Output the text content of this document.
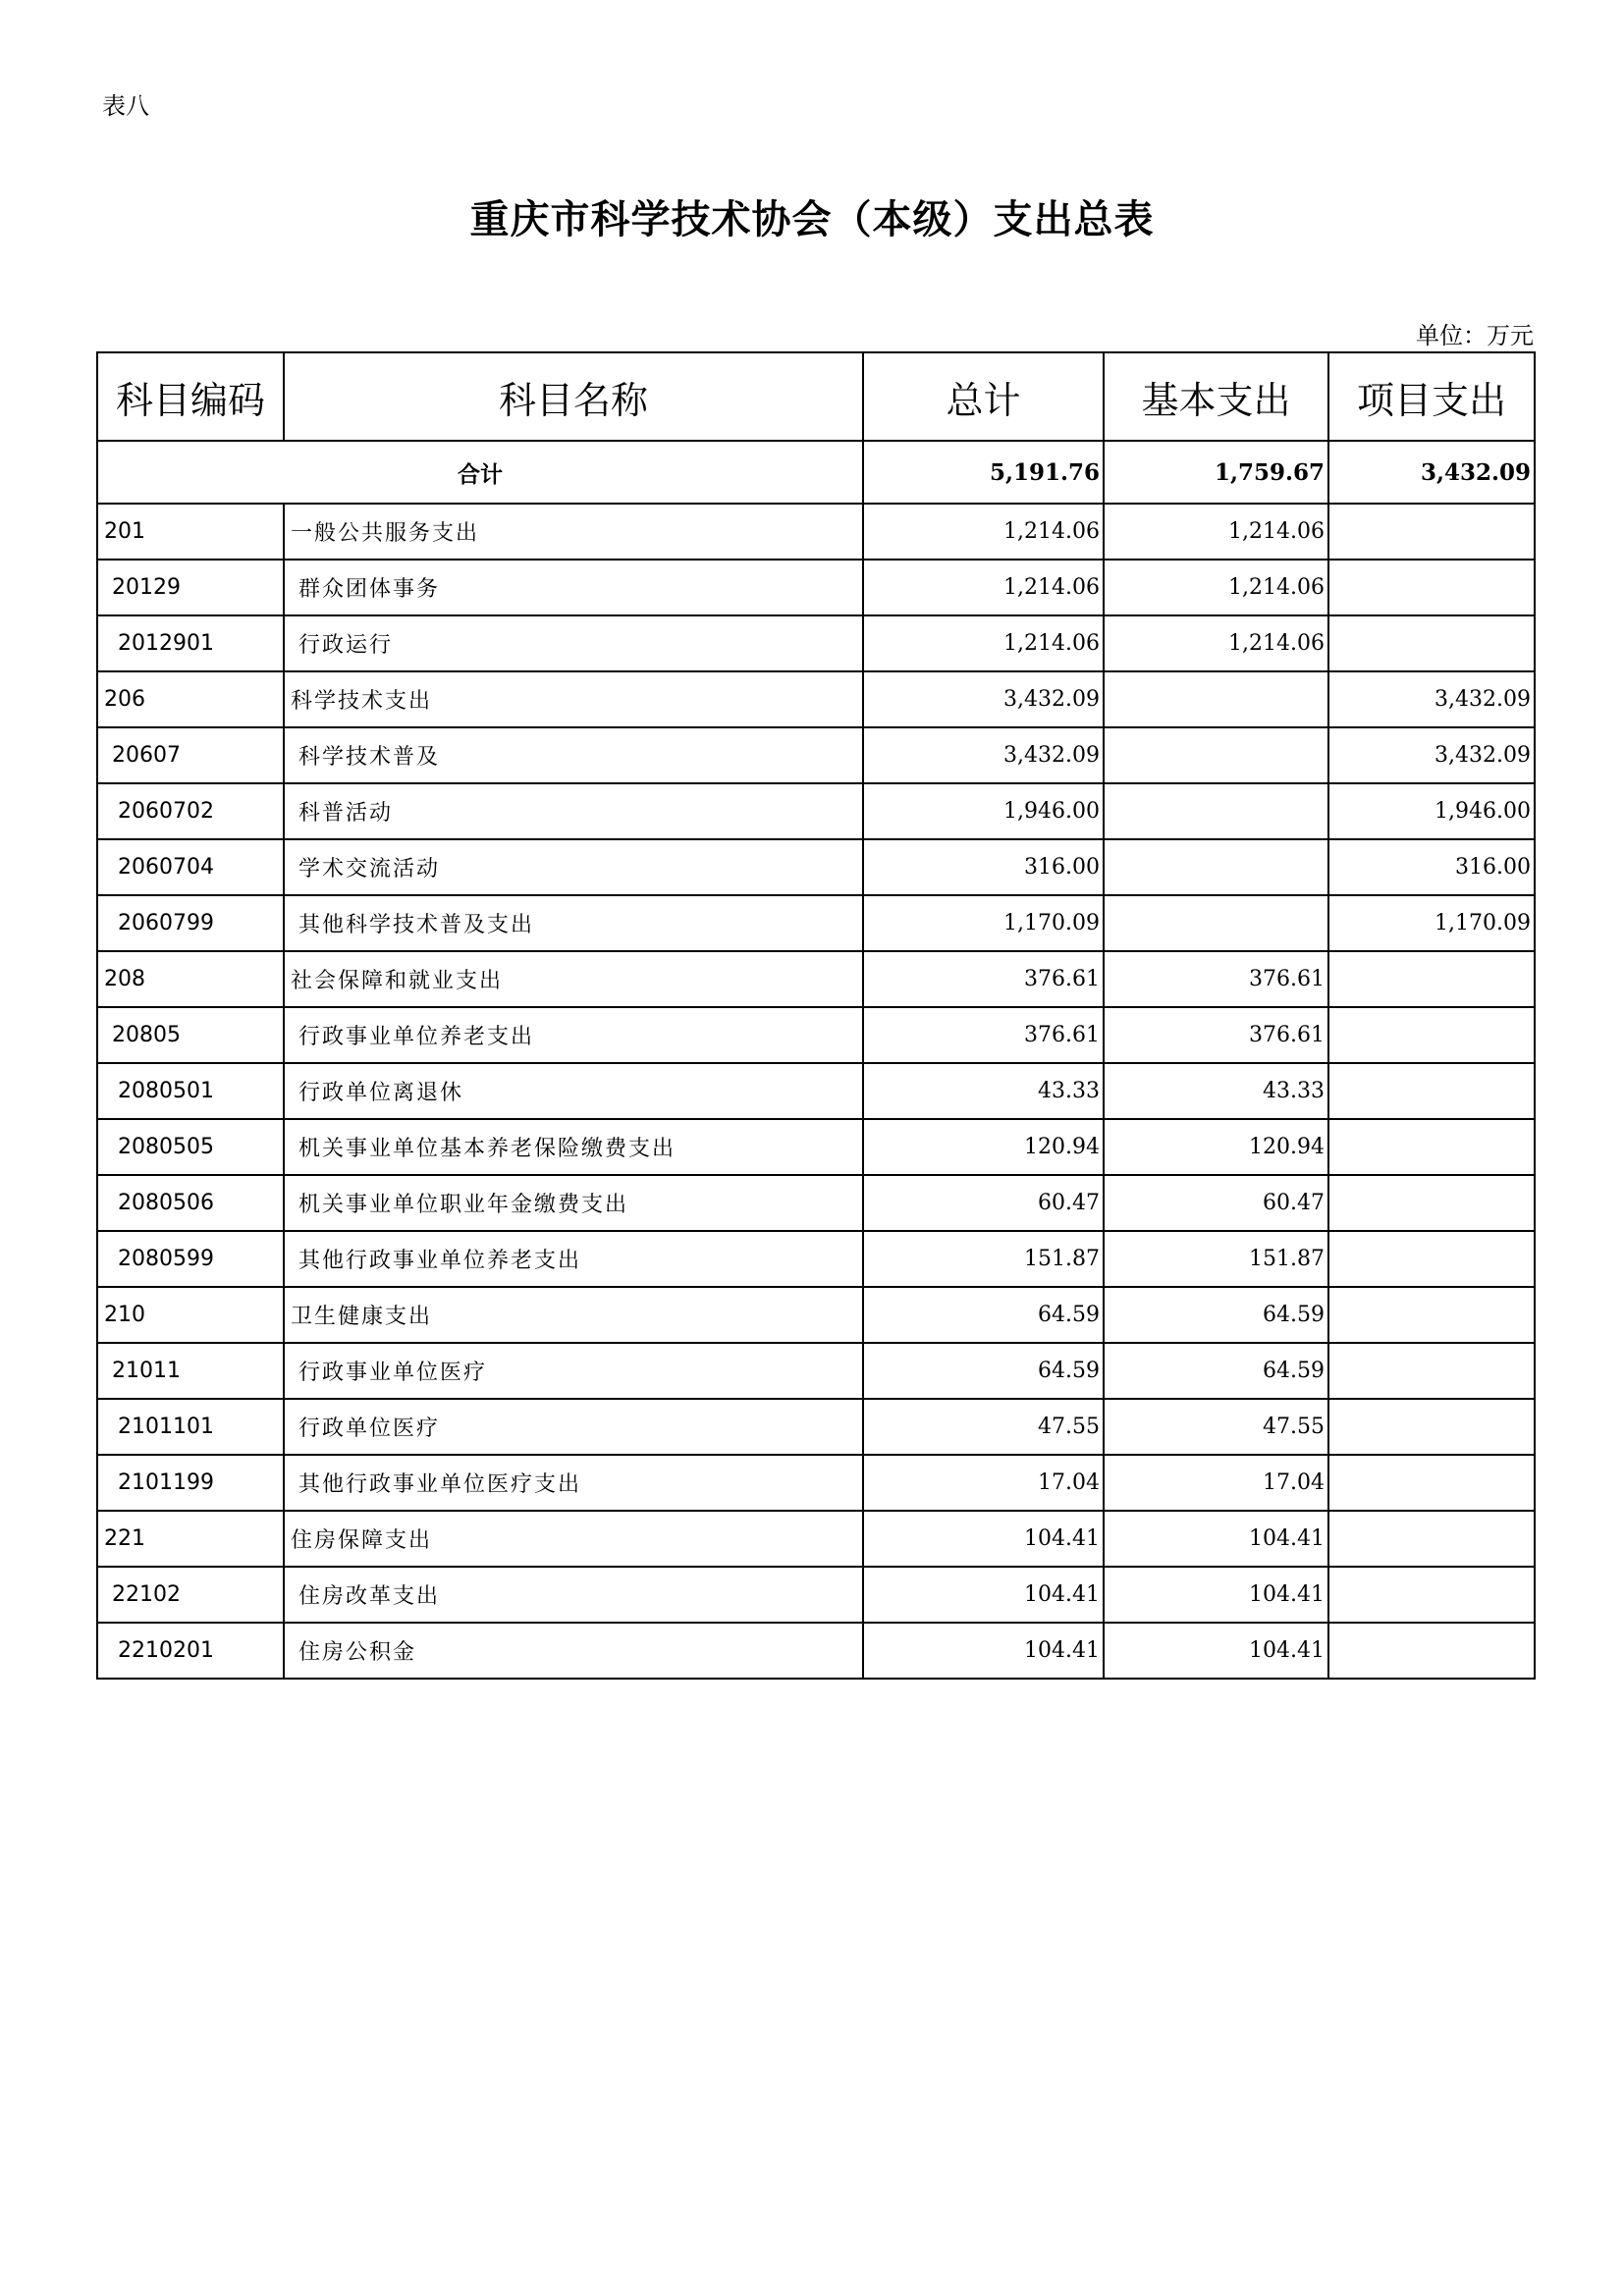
表八
重庆市科学技术协会（本级）支出总表
单位：万元
科目编码	科目名称	总计	基本支出	项目支出
合计		5,191.76	1,759.67	3,432.09
201	一般公共服务支出	1,214.06	1,214.06	
20129	群众团体事务	1,214.06	1,214.06	
2012901	行政运行	1,214.06	1,214.06	
206	科学技术支出	3,432.09		3,432.09
20607	科学技术普及	3,432.09		3,432.09
2060702	科普活动	1,946.00		1,946.00
2060704	学术交流活动	316.00		316.00
2060799	其他科学技术普及支出	1,170.09		1,170.09
208	社会保障和就业支出	376.61	376.61	
20805	行政事业单位养老支出	376.61	376.61	
2080501	行政单位离退休	43.33	43.33	
2080505	机关事业单位基本养老保险缴费支出	120.94	120.94	
2080506	机关事业单位职业年金缴费支出	60.47	60.47	
2080599	其他行政事业单位养老支出	151.87	151.87	
210	卫生健康支出	64.59	64.59	
21011	行政事业单位医疗	64.59	64.59	
2101101	行政单位医疗	47.55	47.55	
2101199	其他行政事业单位医疗支出	17.04	17.04	
221	住房保障支出	104.41	104.41	
22102	住房改革支出	104.41	104.41	
2210201	住房公积金	104.41	104.41	
